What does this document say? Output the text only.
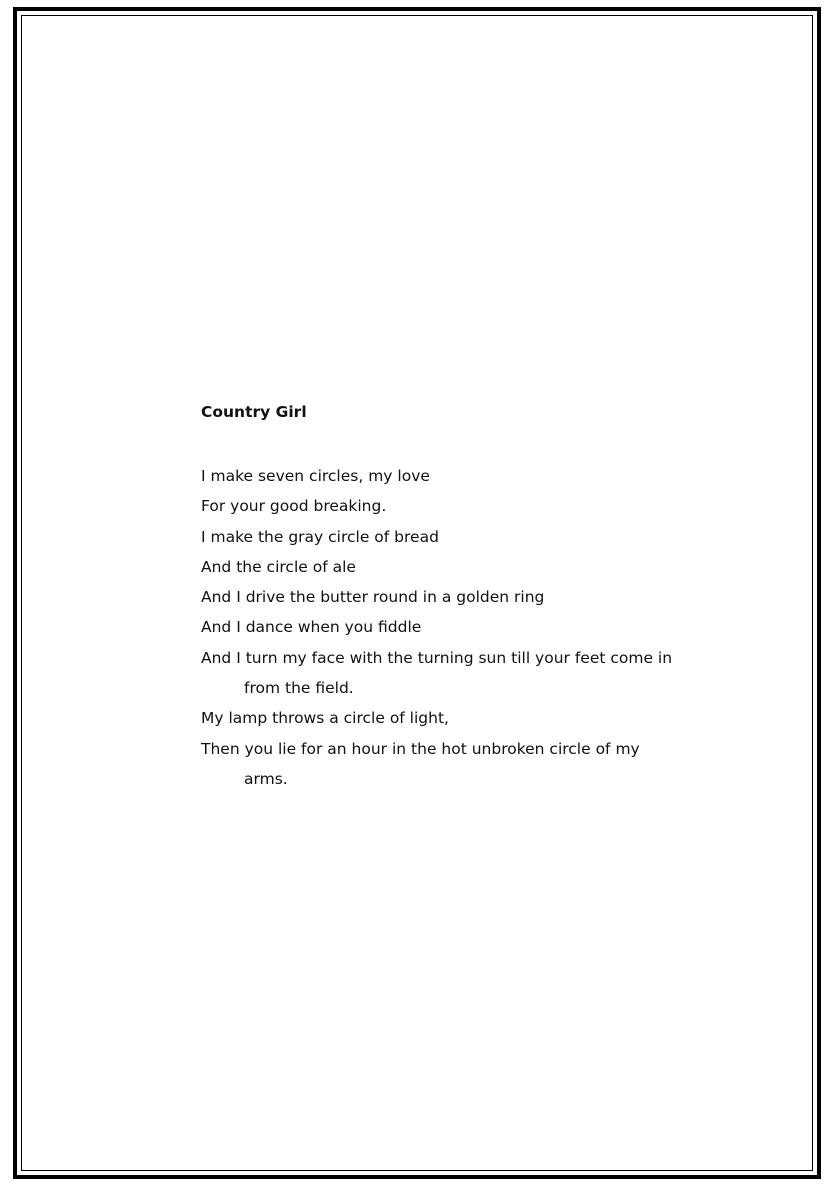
Country Girl
I make seven circles, my love
For your good breaking.
I make the gray circle of bread
And the circle of ale
And I drive the butter round in a golden ring
And I dance when you fiddle
And I turn my face with the turning sun till your feet come in
from the field.
My lamp throws a circle of light,
Then you lie for an hour in the hot unbroken circle of my
arms.
